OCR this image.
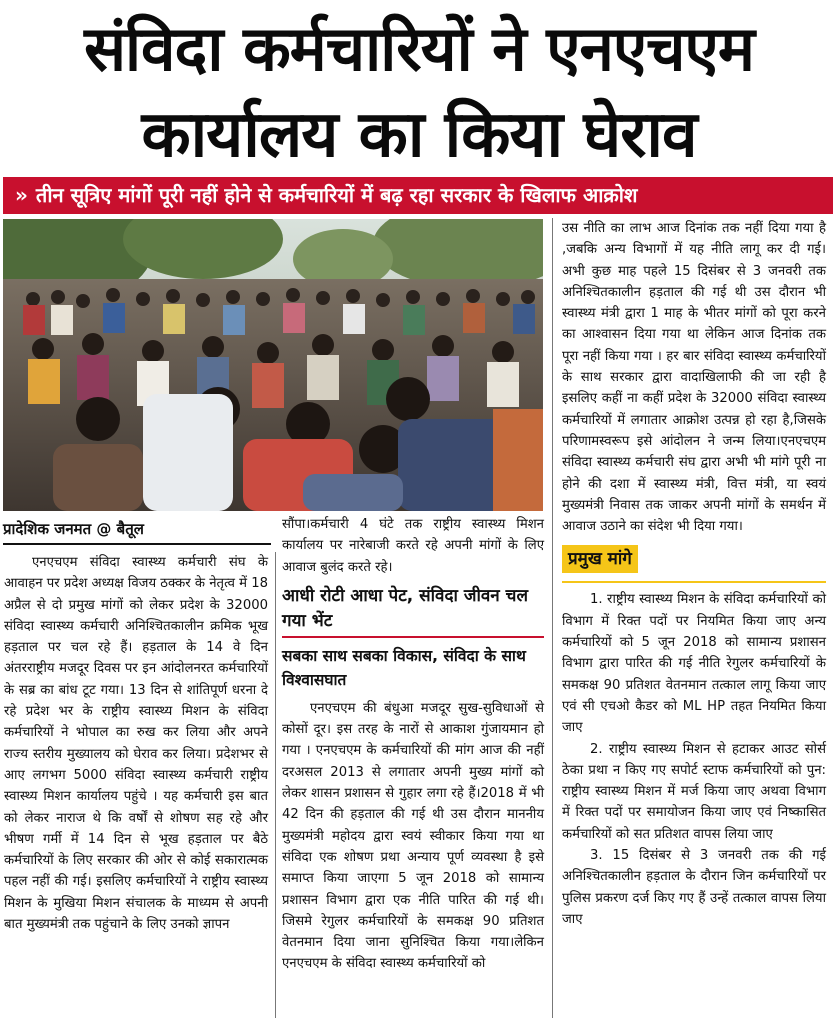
संविदा कर्मचारियों ने एनएचएम
कार्यालय का किया घेराव
» तीन सूत्रिए मांगों पूरी नहीं होने से कर्मचारियों में बढ़ रहा सरकार के खिलाफ आक्रोश
प्रादेशिक जनमत @ बैतूल

एनएचएम संविदा स्वास्थ्य कर्मचारी संघ के आवाहन पर प्रदेश अध्यक्ष विजय ठक्कर के नेतृत्व में 18 अप्रैल से दो प्रमुख मांगों को लेकर प्रदेश के 32000 संविदा स्वास्थ्य कर्मचारी अनिश्चितकालीन क्रमिक भूख हड़ताल पर चल रहे हैं। हड़ताल के 14 वे दिन अंतरराष्ट्रीय मजदूर दिवस पर इन आंदोलनरत कर्मचारियों के सब्र का बांध टूट गया। 13 दिन से शांतिपूर्ण धरना दे रहे प्रदेश भर के राष्ट्रीय स्वास्थ्य मिशन के संविदा कर्मचारियों ने भोपाल का रुख कर लिया और अपने राज्य स्तरीय मुख्यालय को घेराव कर लिया। प्रदेशभर से आए लगभग 5000 संविदा स्वास्थ्य कर्मचारी राष्ट्रीय स्वास्थ्य मिशन कार्यालय पहुंचे । यह कर्मचारी इस बात को लेकर नाराज थे कि वर्षों से शोषण सह रहे और भीषण गर्मी में 14 दिन से भूख हड़ताल पर बैठे कर्मचारियों के लिए सरकार की ओर से कोई सकारात्मक पहल नहीं की गई। इसलिए कर्मचारियों ने राष्ट्रीय स्वास्थ्य मिशन के मुखिया मिशन संचालक के माध्यम से अपनी बात मुख्यमंत्री तक पहुंचाने के लिए उनको ज्ञापन

सौंपा।कर्मचारी 4 घंटे तक राष्ट्रीय स्वास्थ्य मिशन कार्यालय पर नारेबाजी करते रहे अपनी मांगों के लिए आवाज बुलंद करते रहे।

आधी रोटी आधा पेट, संविदा जीवन चल गया भेंट
सबका साथ सबका विकास, संविदा के साथ विश्वासघात

एनएचएम की बंधुआ मजदूर सुख-सुविधाओं से कोसों दूर। इस तरह के नारों से आकाश गुंजायमान हो गया । एनएचएम के कर्मचारियों की मांग आज की नहीं दरअसल 2013 से लगातार अपनी मुख्य मांगों को लेकर शासन प्रशासन से गुहार लगा रहे हैं।2018 में भी 42 दिन की हड़ताल की गई थी उस दौरान माननीय मुख्यमंत्री महोदय द्वारा स्वयं स्वीकार किया गया था संविदा एक शोषण प्रथा अन्याय पूर्ण व्यवस्था है इसे समाप्त किया जाएगा 5 जून 2018 को सामान्य प्रशासन विभाग द्वारा एक नीति पारित की गई थी। जिसमे रेगुलर कर्मचारियों के समकक्ष 90 प्रतिशत वेतनमान दिया जाना सुनिश्चित किया गया।लेकिन एनएचएम के संविदा स्वास्थ्य कर्मचारियों को

उस नीति का लाभ आज दिनांक तक नहीं दिया गया है ,जबकि अन्य विभागों में यह नीति लागू कर दी गई। अभी कुछ माह पहले 15 दिसंबर से 3 जनवरी तक अनिश्चितकालीन हड़ताल की गई थी उस दौरान भी स्वास्थ्य मंत्री द्वारा 1 माह के भीतर मांगों को पूरा करने का आश्वासन दिया गया था लेकिन आज दिनांक तक पूरा नहीं किया गया । हर बार संविदा स्वास्थ्य कर्मचारियों के साथ सरकार द्वारा वादाखिलाफी की जा रही है इसलिए कहीं ना कहीं प्रदेश के 32000 संविदा स्वास्थ्य कर्मचारियों में लगातार आक्रोश उत्पन्न हो रहा है,जिसके परिणामस्वरूप इसे आंदोलन ने जन्म लिया।एनएचएम संविदा स्वास्थ्य कर्मचारी संघ द्वारा अभी भी मांगे पूरी ना होने की दशा में स्वास्थ्य मंत्री, वित्त मंत्री, या स्वयं मुख्यमंत्री निवास तक जाकर अपनी मांगों के समर्थन में आवाज उठाने का संदेश भी दिया गया।

प्रमुख मांगे

1. राष्ट्रीय स्वास्थ्य मिशन के संविदा कर्मचारियों को विभाग में रिक्त पदों पर नियमित किया जाए अन्य कर्मचारियों को 5 जून 2018 को सामान्य प्रशासन विभाग द्वारा पारित की गई नीति रेगुलर कर्मचारियों के समकक्ष 90 प्रतिशत वेतनमान तत्काल लागू किया जाए एवं सी एचओ कैडर को ML HP तहत नियमित किया जाए

2. राष्ट्रीय स्वास्थ्य मिशन से हटाकर आउट सोर्स ठेका प्रथा न किए गए सपोर्ट स्टाफ कर्मचारियों को पुन: राष्ट्रीय स्वास्थ्य मिशन में मर्ज किया जाए अथवा विभाग में रिक्त पदों पर समायोजन किया जाए एवं निष्कासित कर्मचारियों को सत प्रतिशत वापस लिया जाए

3. 15 दिसंबर से 3 जनवरी तक की गई अनिश्चितकालीन हड़ताल के दौरान जिन कर्मचारियों पर पुलिस प्रकरण दर्ज किए गए हैं उन्हें तत्काल वापस लिया जाए
